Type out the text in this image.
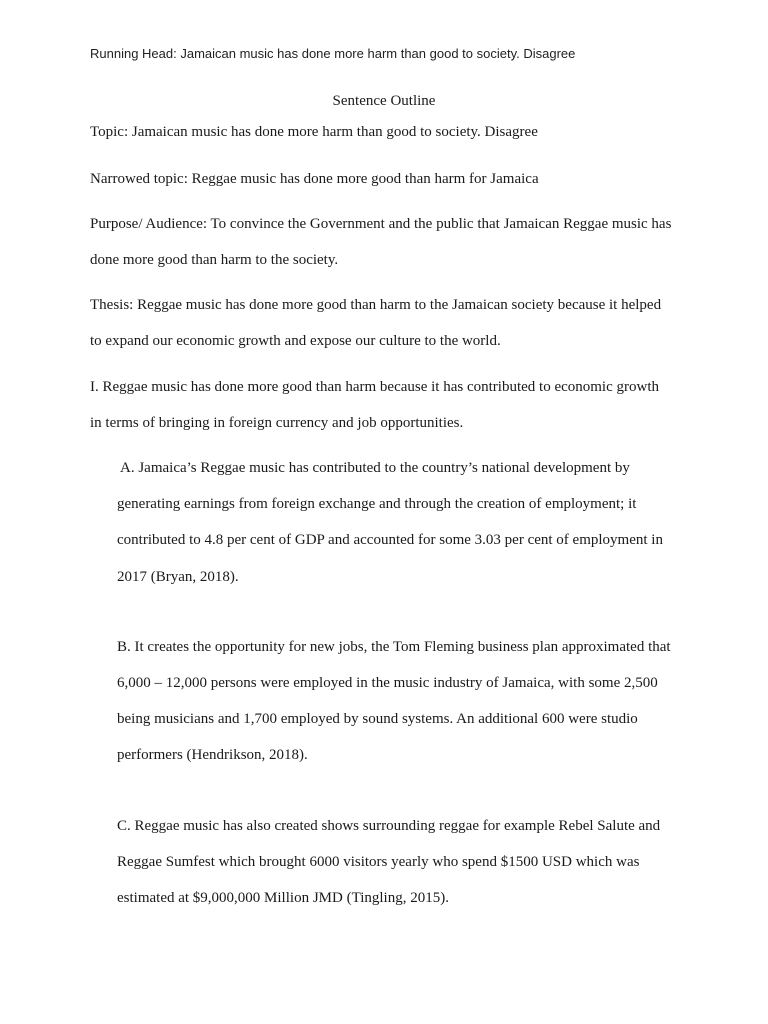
Running Head: Jamaican music has done more harm than good to society. Disagree
Sentence Outline
Topic: Jamaican music has done more harm than good to society. Disagree
Narrowed topic: Reggae music has done more good than harm for Jamaica
Purpose/ Audience: To convince the Government and the public that Jamaican Reggae music has
done more good than harm to the society.
Thesis: Reggae music has done more good than harm to the Jamaican society because it helped
to expand our economic growth and expose our culture to the world.
I. Reggae music has done more good than harm because it has contributed to economic growth
in terms of bringing in foreign currency and job opportunities.
A. Jamaica’s Reggae music has contributed to the country’s national development by
generating earnings from foreign exchange and through the creation of employment; it
contributed to 4.8 per cent of GDP and accounted for some 3.03 per cent of employment in
2017 (Bryan, 2018).
B. It creates the opportunity for new jobs, the Tom Fleming business plan approximated that
6,000 – 12,000 persons were employed in the music industry of Jamaica, with some 2,500
being musicians and 1,700 employed by sound systems. An additional 600 were studio
performers (Hendrikson, 2018).
C. Reggae music has also created shows surrounding reggae for example Rebel Salute and
Reggae Sumfest which brought 6000 visitors yearly who spend $1500 USD which was
estimated at $9,000,000 Million JMD (Tingling, 2015).
